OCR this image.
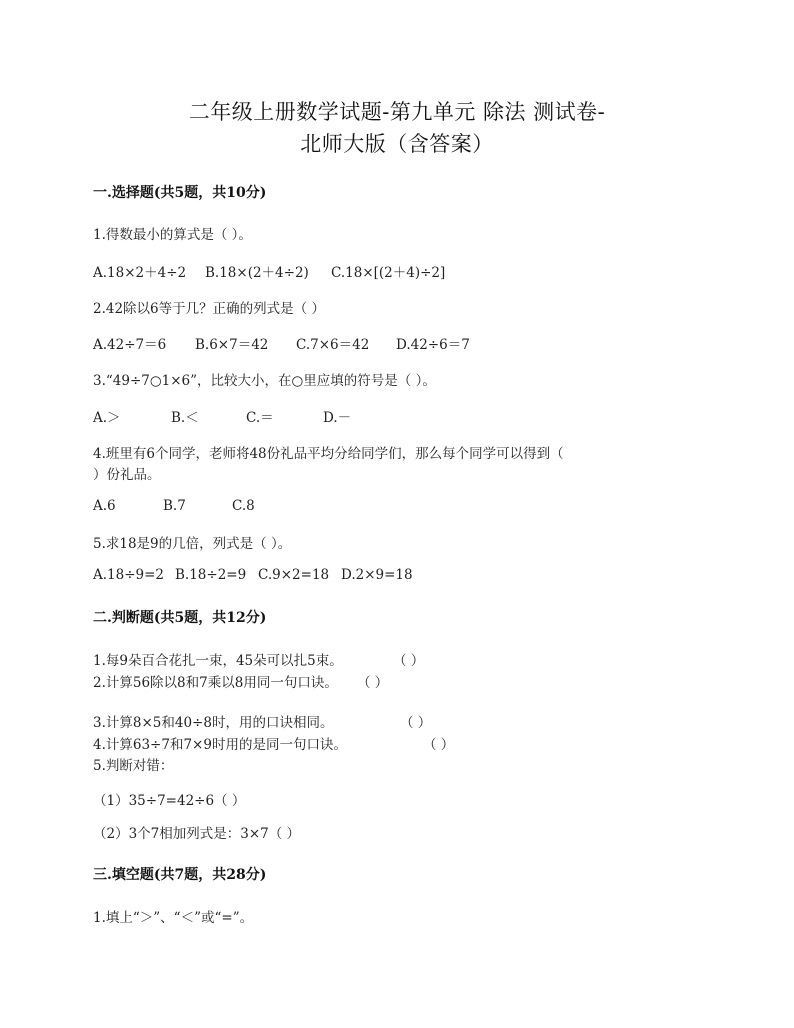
二年级上册数学试题-第九单元 除法 测试卷-
北师大版（含答案）
一.选择题(共5题，共10分)
1.得数最小的算式是（ ）。
A.18×2＋4÷2 B.18×(2＋4÷2) C.18×[(2＋4)÷2]
2.42除以6等于几？正确的列式是（ ）
A.42÷7＝6 B.6×7＝42 C.7×6＝42 D.42÷6＝7
3.“49÷7○1×6”，比较大小，在○里应填的符号是（ ）。
A.＞	B.＜	C.＝	D.－
4.班里有6个同学，老师将48份礼品平均分给同学们，那么每个同学可以得到（
）份礼品。
A.6	B.7	C.8
5.求18是9的几倍，列式是（ ）。
A.18÷9=2 B.18÷2=9 C.9×2=18 D.2×9=18
二.判断题(共5题，共12分)
1.每9朵百合花扎一束，45朵可以扎5束。	（ ）
2.计算56除以8和7乘以8用同一句口诀。 （ ）
3.计算8×5和40÷8时，用的口诀相同。	（ ）
4.计算63÷7和7×9时用的是同一句口诀。	（ ）
5.判断对错：
（1）35÷7=42÷6（ ）
（2）3个7相加列式是：3×7（ ）
三.填空题(共7题，共28分)
1.填上“＞”、“＜”或“=”。
